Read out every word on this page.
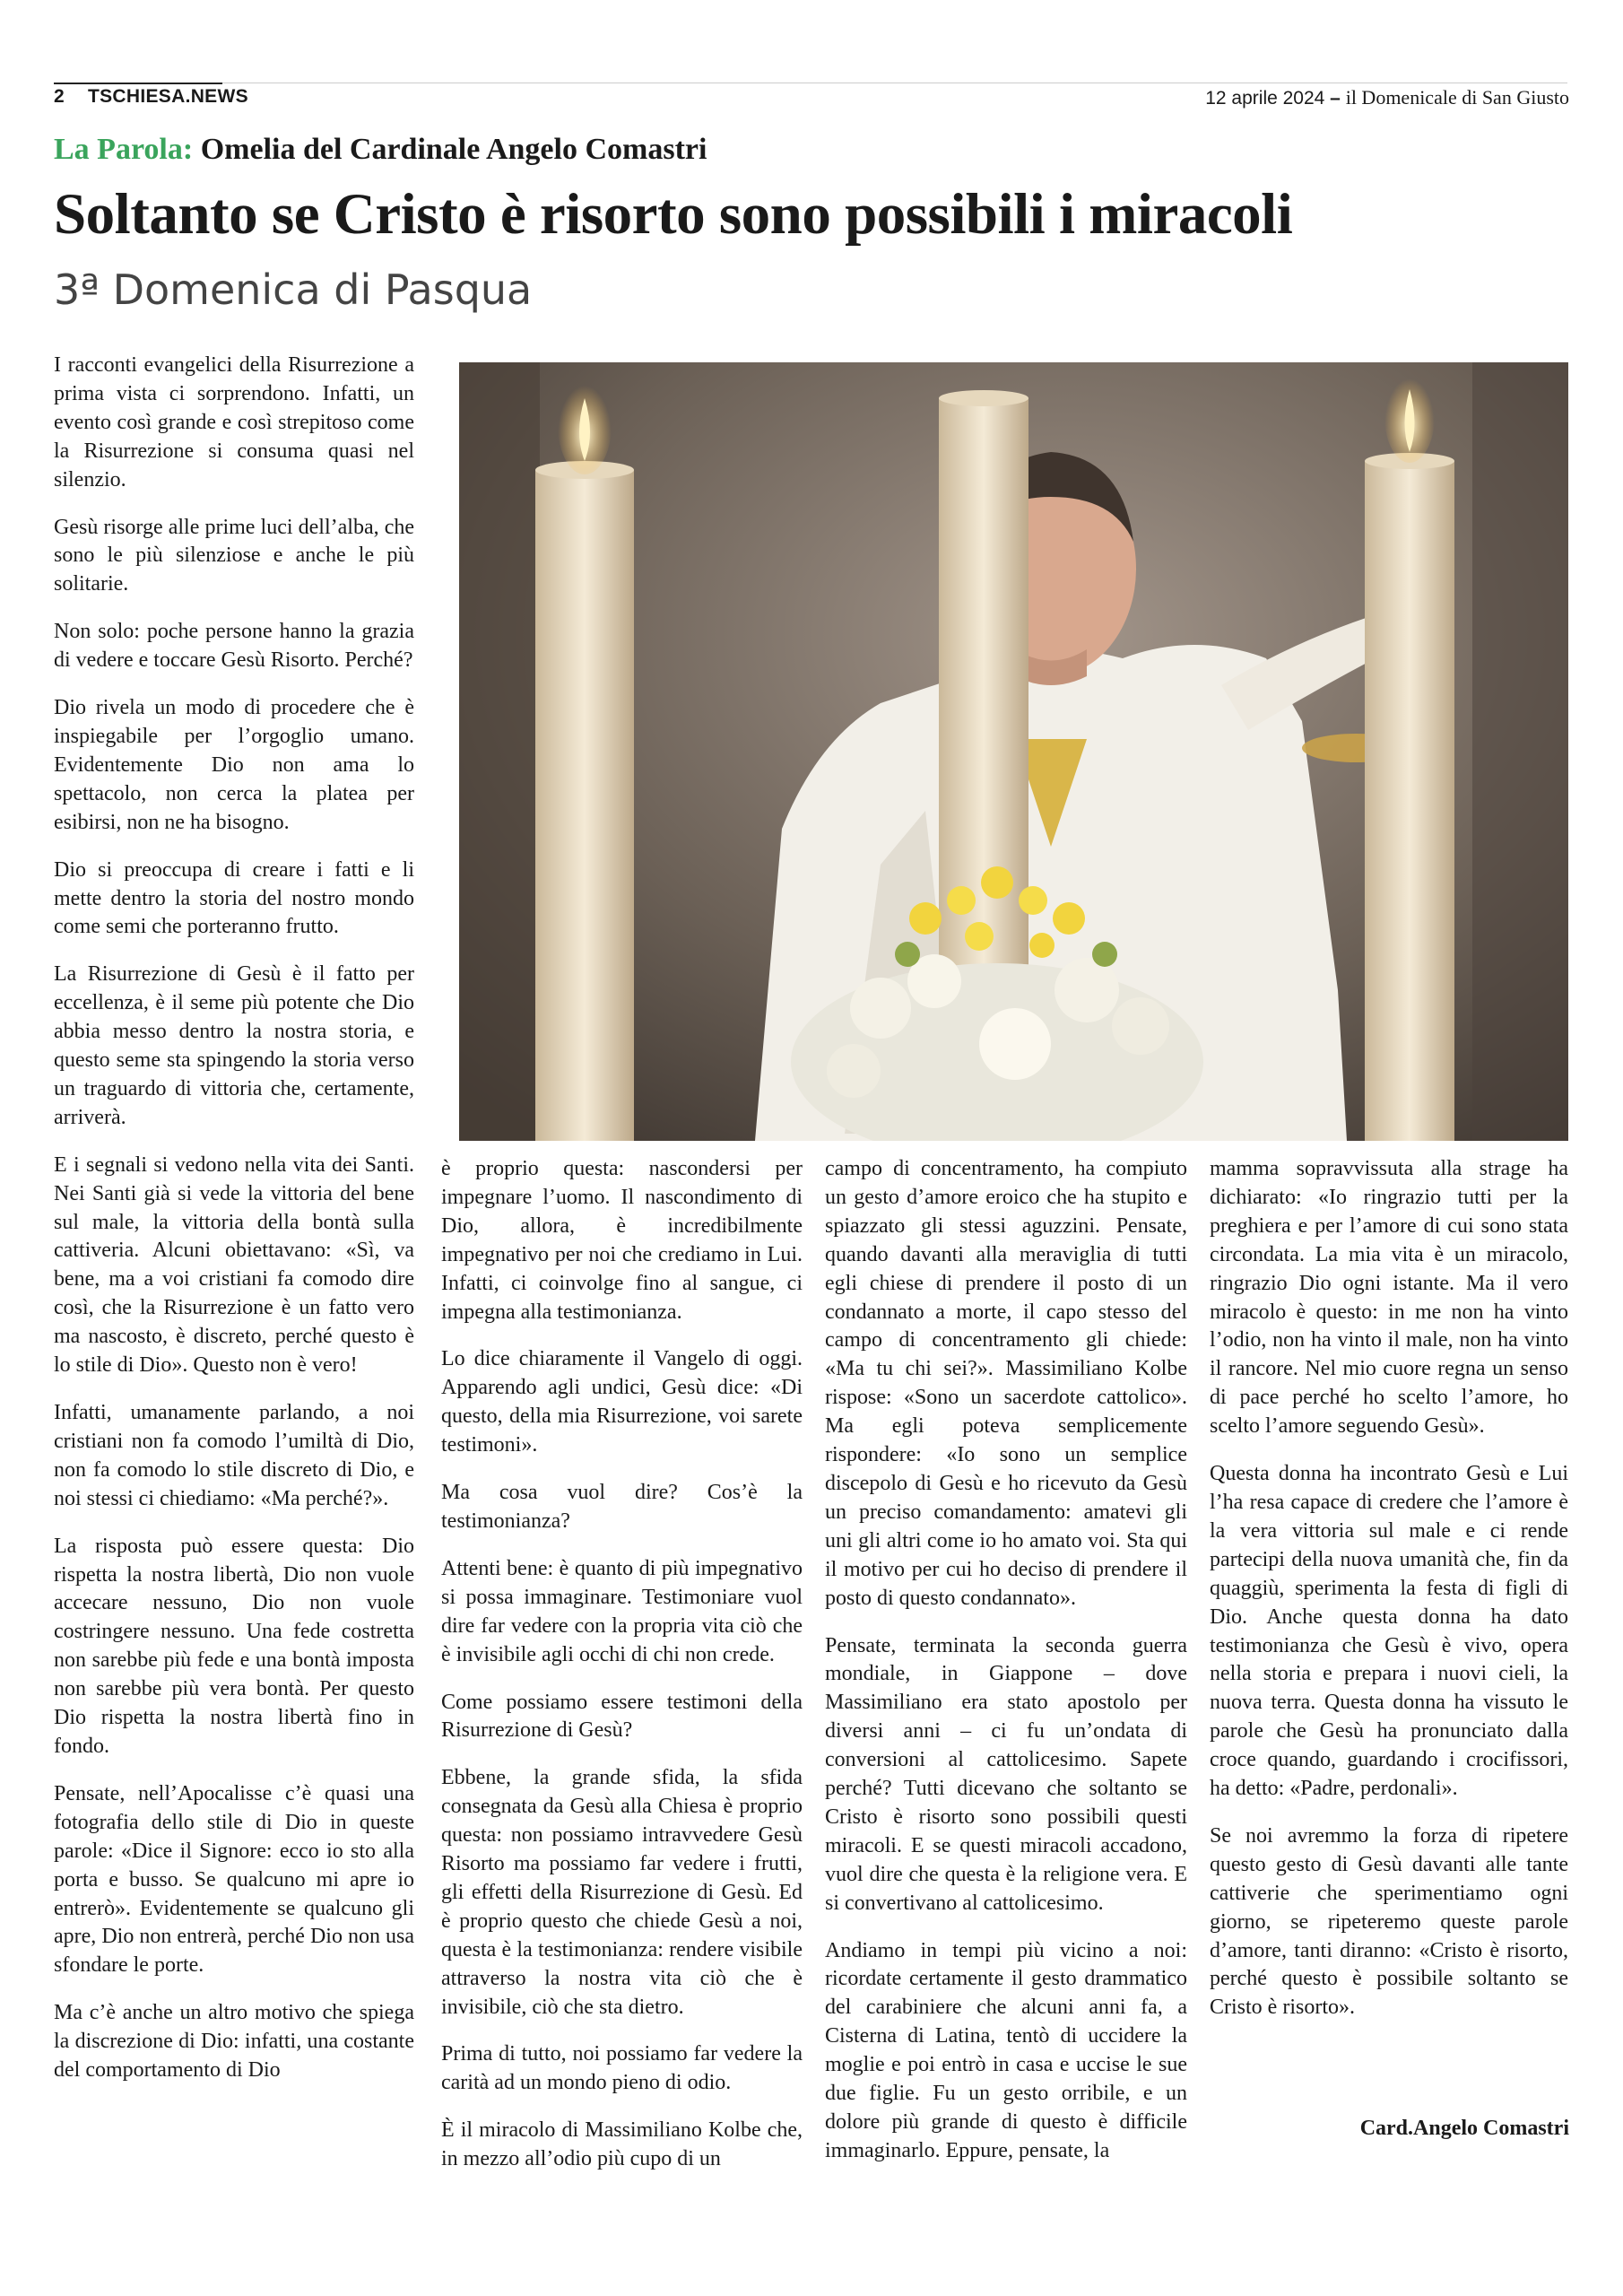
2 TSCHIESA.NEWS	12 aprile 2024 – il Domenicale di San Giusto
La Parola: Omelia del Cardinale Angelo Comastri
Soltanto se Cristo è risorto sono possibili i miracoli
3ª Domenica di Pasqua

I racconti evangelici della Risurrezione a prima vista ci sorprendono. Infatti, un evento così grande e così strepitoso come la Risurrezione si consuma quasi nel silenzio.

Gesù risorge alle prime luci dell’alba, che sono le più silenziose e anche le più solitarie.

Non solo: poche persone hanno la grazia di vedere e toccare Gesù Risorto. Perché?

Dio rivela un modo di procedere che è inspiegabile per l’orgoglio umano. Evidentemente Dio non ama lo spettacolo, non cerca la platea per esibirsi, non ne ha bisogno.

Dio si preoccupa di creare i fatti e li mette dentro la storia del nostro mondo come semi che porteranno frutto.

La Risurrezione di Gesù è il fatto per eccellenza, è il seme più potente che Dio abbia messo dentro la nostra storia, e questo seme sta spingendo la storia verso un traguardo di vittoria che, certamente, arriverà.

E i segnali si vedono nella vita dei Santi. Nei Santi già si vede la vittoria del bene sul male, la vittoria della bontà sulla cattiveria. Alcuni obiettavano: «Sì, va bene, ma a voi cristiani fa comodo dire così, che la Risurrezione è un fatto vero ma nascosto, è discreto, perché questo è lo stile di Dio». Questo non è vero!

Infatti, umanamente parlando, a noi cristiani non fa comodo l’umiltà di Dio, non fa comodo lo stile discreto di Dio, e noi stessi ci chiediamo: «Ma perché?».

La risposta può essere questa: Dio rispetta la nostra libertà, Dio non vuole accecare nessuno, Dio non vuole costringere nessuno. Una fede costretta non sarebbe più fede e una bontà imposta non sarebbe più vera bontà. Per questo Dio rispetta la nostra libertà fino in fondo.

Pensate, nell’Apocalisse c’è quasi una fotografia dello stile di Dio in queste parole: «Dice il Signore: ecco io sto alla porta e busso. Se qualcuno mi apre io entrerò». Evidentemente se qualcuno gli apre, Dio non entrerà, perché Dio non usa sfondare le porte.

Ma c’è anche un altro motivo che spiega la discrezione di Dio: infatti, una costante del comportamento di Dio

è proprio questa: nascondersi per impegnare l’uomo. Il nascondimento di Dio, allora, è incredibilmente impegnativo per noi che crediamo in Lui. Infatti, ci coinvolge fino al sangue, ci impegna alla testimonianza.

Lo dice chiaramente il Vangelo di oggi. Apparendo agli undici, Gesù dice: «Di questo, della mia Risurrezione, voi sarete testimoni».

Ma cosa vuol dire? Cos’è la testimonianza?

Attenti bene: è quanto di più impegnativo si possa immaginare. Testimoniare vuol dire far vedere con la propria vita ciò che è invisibile agli occhi di chi non crede.

Come possiamo essere testimoni della Risurrezione di Gesù?

Ebbene, la grande sfida, la sfida consegnata da Gesù alla Chiesa è proprio questa: non possiamo intravvedere Gesù Risorto ma possiamo far vedere i frutti, gli effetti della Risurrezione di Gesù. Ed è proprio questo che chiede Gesù a noi, questa è la testimonianza: rendere visibile attraverso la nostra vita ciò che è invisibile, ciò che sta dietro.

Prima di tutto, noi possiamo far vedere la carità ad un mondo pieno di odio.

È il miracolo di Massimiliano Kolbe che, in mezzo all’odio più cupo di un

campo di concentramento, ha compiuto un gesto d’amore eroico che ha stupito e spiazzato gli stessi aguzzini. Pensate, quando davanti alla meraviglia di tutti egli chiese di prendere il posto di un condannato a morte, il capo stesso del campo di concentramento gli chiede: «Ma tu chi sei?». Massimiliano Kolbe rispose: «Sono un sacerdote cattolico». Ma egli poteva semplicemente rispondere: «Io sono un semplice discepolo di Gesù e ho ricevuto da Gesù un preciso comandamento: amatevi gli uni gli altri come io ho amato voi. Sta qui il motivo per cui ho deciso di prendere il posto di questo condannato».

Pensate, terminata la seconda guerra mondiale, in Giappone – dove Massimiliano era stato apostolo per diversi anni – ci fu un’ondata di conversioni al cattolicesimo. Sapete perché? Tutti dicevano che soltanto se Cristo è risorto sono possibili questi miracoli. E se questi miracoli accadono, vuol dire che questa è la religione vera. E si convertivano al cattolicesimo.

Andiamo in tempi più vicino a noi: ricordate certamente il gesto drammatico del carabiniere che alcuni anni fa, a Cisterna di Latina, tentò di uccidere la moglie e poi entrò in casa e uccise le sue due figlie. Fu un gesto orribile, e un dolore più grande di questo è difficile immaginarlo. Eppure, pensate, la

mamma sopravvissuta alla strage ha dichiarato: «Io ringrazio tutti per la preghiera e per l’amore di cui sono stata circondata. La mia vita è un miracolo, ringrazio Dio ogni istante. Ma il vero miracolo è questo: in me non ha vinto l’odio, non ha vinto il male, non ha vinto il rancore. Nel mio cuore regna un senso di pace perché ho scelto l’amore, ho scelto l’amore seguendo Gesù».

Questa donna ha incontrato Gesù e Lui l’ha resa capace di credere che l’amore è la vera vittoria sul male e ci rende partecipi della nuova umanità che, fin da quaggiù, sperimenta la festa di figli di Dio. Anche questa donna ha dato testimonianza che Gesù è vivo, opera nella storia e prepara i nuovi cieli, la nuova terra. Questa donna ha vissuto le parole che Gesù ha pronunciato dalla croce quando, guardando i crocifissori, ha detto: «Padre, perdonali».

Se noi avremmo la forza di ripetere questo gesto di Gesù davanti alle tante cattiverie che sperimentiamo ogni giorno, se ripeteremo queste parole d’amore, tanti diranno: «Cristo è risorto, perché questo è possibile soltanto se Cristo è risorto».

Card.Angelo Comastri
